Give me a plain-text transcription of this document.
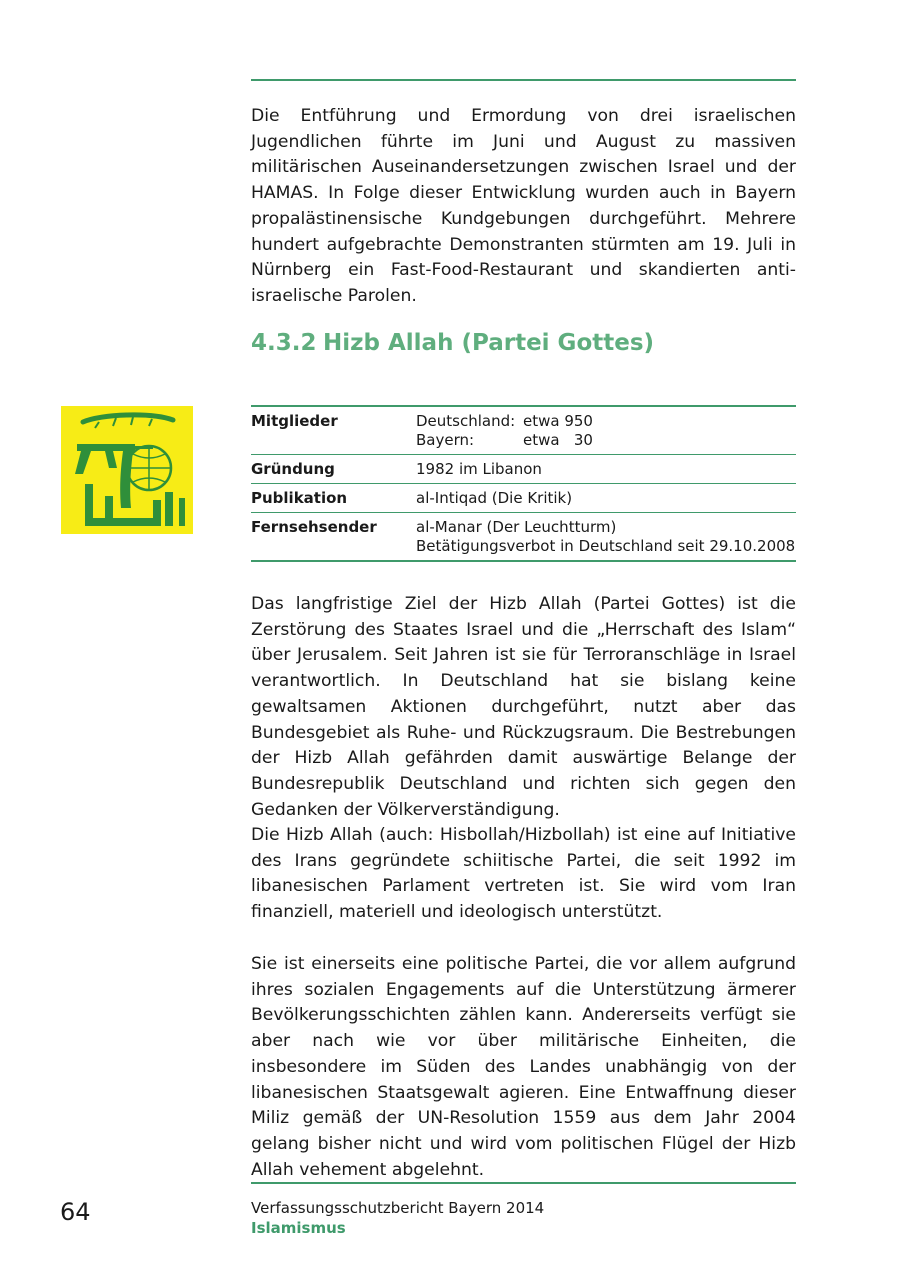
Die Entführung und Ermordung von drei israelischen Jugendlichen führte im Juni und August zu massiven militärischen Auseinandersetzungen zwischen Israel und der HAMAS. In Folge dieser Entwicklung wurden auch in Bayern propalästinensische Kundgebungen durchgeführt. Mehrere hundert aufgebrachte Demonstranten stürmten am 19. Juli in Nürnberg ein Fast-Food-Restaurant und skandierten anti-israelische Parolen.

4.3.2 Hizb Allah (Partei Gottes)
Mitglieder	Deutschland: etwa 950
Bayern: etwa   30

Gründung	1982 im Libanon
Publikation	al-Intiqad (Die Kritik)
Fernsehsender	al-Manar (Der Leuchtturm)
Betätigungsverbot in Deutschland seit 29.10.2008

Das langfristige Ziel der Hizb Allah (Partei Gottes) ist die Zerstörung des Staates Israel und die „Herrschaft des Islam“ über Jerusalem. Seit Jahren ist sie für Terroranschläge in Israel verantwortlich. In Deutschland hat sie bislang keine gewaltsamen Aktionen durchgeführt, nutzt aber das Bundesgebiet als Ruhe- und Rückzugsraum. Die Bestrebungen der Hizb Allah gefährden damit auswärtige Belange der Bundesrepublik Deutschland und richten sich gegen den Gedanken der Völkerverständigung.

Die Hizb Allah (auch: Hisbollah/Hizbollah) ist eine auf Initiative des Irans gegründete schiitische Partei, die seit 1992 im libanesischen Parlament vertreten ist. Sie wird vom Iran finanziell, materiell und ideologisch unterstützt.

Sie ist einerseits eine politische Partei, die vor allem aufgrund ihres sozialen Engagements auf die Unterstützung ärmerer Bevölkerungsschichten zählen kann. Andererseits verfügt sie aber nach wie vor über militärische Einheiten, die insbesondere im Süden des Landes unabhängig von der libanesischen Staatsgewalt agieren. Eine Entwaffnung dieser Miliz gemäß der UN-Resolution 1559 aus dem Jahr 2004 gelang bisher nicht und wird vom politischen Flügel der Hizb Allah vehement abgelehnt.

64	Verfassungsschutzbericht Bayern 2014

Islamismus
